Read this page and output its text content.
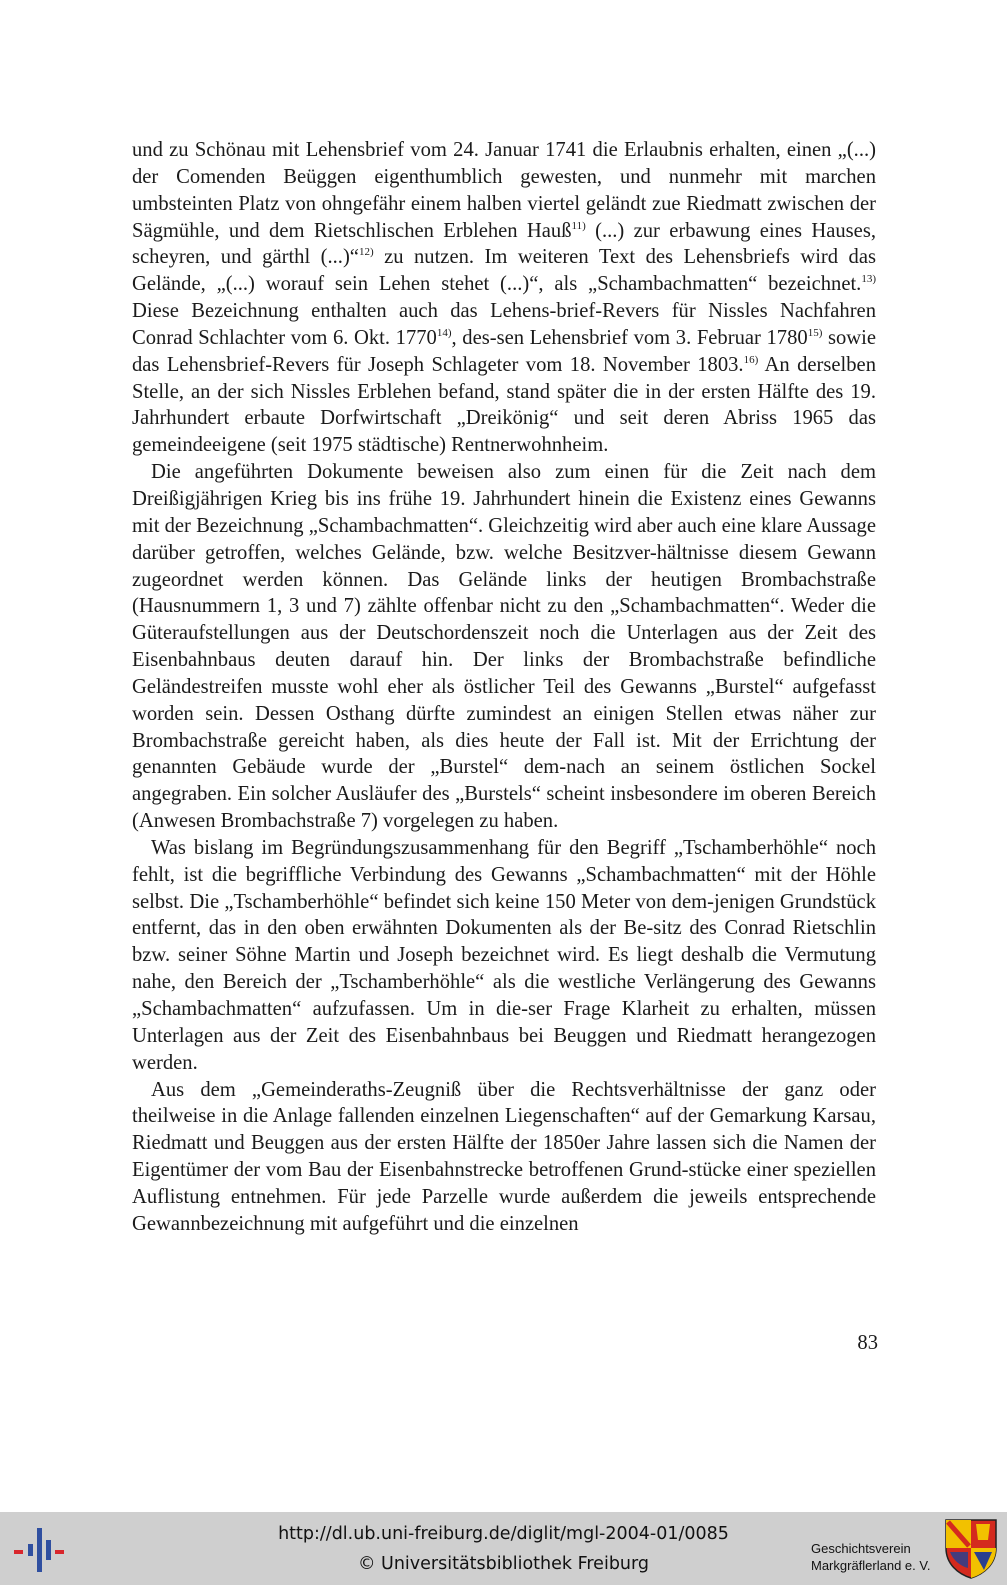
und zu Schönau mit Lehensbrief vom 24. Januar 1741 die Erlaubnis erhalten, einen „(...) der Comenden Beüggen eigenthumblich gewesten, und nunmehr mit marchen umbsteinten Platz von ohngefähr einem halben viertel geländt zue Riedmatt zwischen der Sägmühle, und dem Rietschlischen Erblehen Hauß$^{11)}$ (...) zur erbawung eines Hauses, scheyren, und gärthl (...)“$^{12)}$ zu nutzen. Im weiteren Text des Lehensbriefs wird das Gelände, „(...) worauf sein Lehen stehet (...)“, als „Schambachmatten“ bezeichnet.$^{13)}$ Diese Bezeichnung enthalten auch das Lehens-brief-Revers für Nissles Nachfahren Conrad Schlachter vom 6. Okt. 1770$^{14)}$, des-sen Lehensbrief vom 3. Februar 1780$^{15)}$ sowie das Lehensbrief-Revers für Joseph Schlageter vom 18. November 1803.$^{16)}$ An derselben Stelle, an der sich Nissles Erblehen befand, stand später die in der ersten Hälfte des 19. Jahrhundert erbaute Dorfwirtschaft „Dreikönig“ und seit deren Abriss 1965 das gemeindeeigene (seit 1975 städtische) Rentnerwohnheim.

Die angeführten Dokumente beweisen also zum einen für die Zeit nach dem Dreißigjährigen Krieg bis ins frühe 19. Jahrhundert hinein die Existenz eines Gewanns mit der Bezeichnung „Schambachmatten“. Gleichzeitig wird aber auch eine klare Aussage darüber getroffen, welches Gelände, bzw. welche Besitzver-hältnisse diesem Gewann zugeordnet werden können. Das Gelände links der heutigen Brombachstraße (Hausnummern 1, 3 und 7) zählte offenbar nicht zu den „Schambachmatten“. Weder die Güteraufstellungen aus der Deutschordenszeit noch die Unterlagen aus der Zeit des Eisenbahnbaus deuten darauf hin. Der links der Brombachstraße befindliche Geländestreifen musste wohl eher als östlicher Teil des Gewanns „Burstel“ aufgefasst worden sein. Dessen Osthang dürfte zumindest an einigen Stellen etwas näher zur Brombachstraße gereicht haben, als dies heute der Fall ist. Mit der Errichtung der genannten Gebäude wurde der „Burstel“ dem-nach an seinem östlichen Sockel angegraben. Ein solcher Ausläufer des „Burstels“ scheint insbesondere im oberen Bereich (Anwesen Brombachstraße 7) vorgelegen zu haben.

Was bislang im Begründungszusammenhang für den Begriff „Tschamberhöhle“ noch fehlt, ist die begriffliche Verbindung des Gewanns „Schambachmatten“ mit der Höhle selbst. Die „Tschamberhöhle“ befindet sich keine 150 Meter von dem-jenigen Grundstück entfernt, das in den oben erwähnten Dokumenten als der Be-sitz des Conrad Rietschlin bzw. seiner Söhne Martin und Joseph bezeichnet wird. Es liegt deshalb die Vermutung nahe, den Bereich der „Tschamberhöhle“ als die westliche Verlängerung des Gewanns „Schambachmatten“ aufzufassen. Um in die-ser Frage Klarheit zu erhalten, müssen Unterlagen aus der Zeit des Eisenbahnbaus bei Beuggen und Riedmatt herangezogen werden.

Aus dem „Gemeinderaths-Zeugniß über die Rechtsverhältnisse der ganz oder theilweise in die Anlage fallenden einzelnen Liegenschaften“ auf der Gemarkung Karsau, Riedmatt und Beuggen aus der ersten Hälfte der 1850er Jahre lassen sich die Namen der Eigentümer der vom Bau der Eisenbahnstrecke betroffenen Grund-stücke einer speziellen Auflistung entnehmen. Für jede Parzelle wurde außerdem die jeweils entsprechende Gewannbezeichnung mit aufgeführt und die einzelnen

83
http://dl.ub.uni-freiburg.de/diglit/mgl-2004-01/0085
© Universitätsbibliothek Freiburg
Geschichtsverein
Markgräflerland e. V.
